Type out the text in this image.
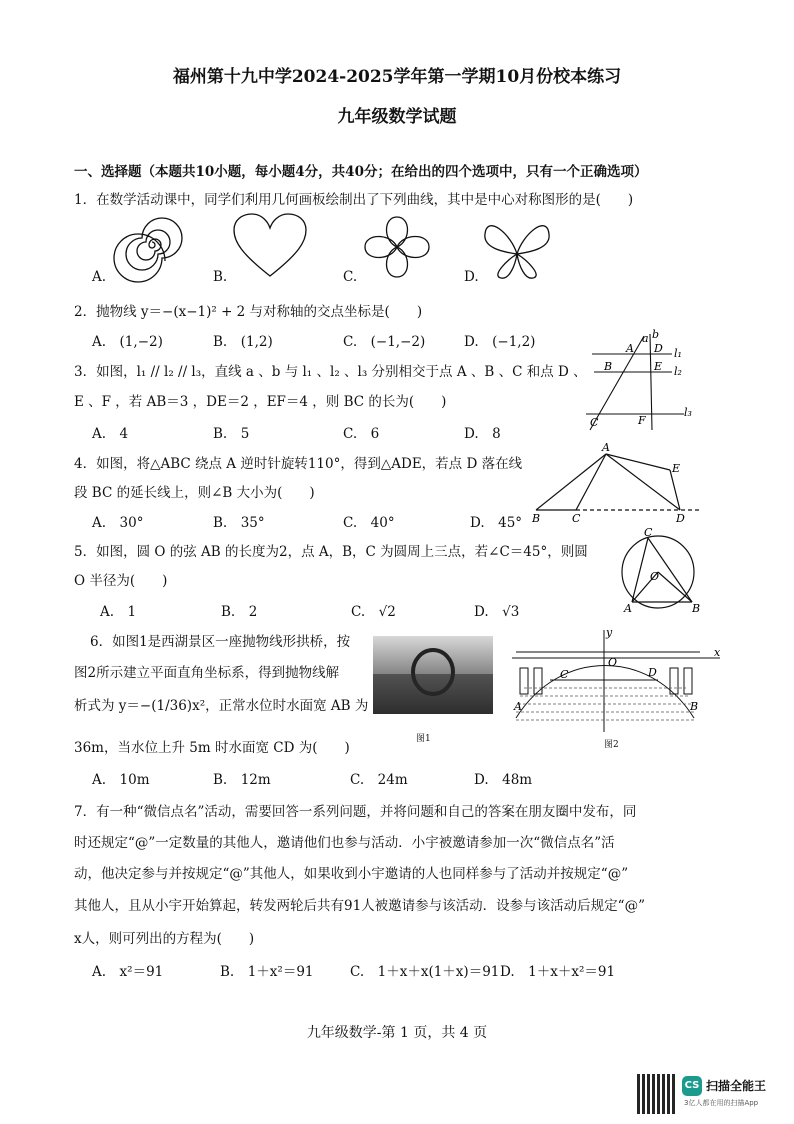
福州第十九中学2024-2025学年第一学期10月份校本练习
九年级数学试题
一、选择题（本题共10小题，每小题4分，共40分；在给出的四个选项中，只有一个正确选项）
1．在数学活动课中，同学们利用几何画板绘制出了下列曲线，其中是中心对称图形的是(　　)
A.	B.	C.	D.
2．抛物线 y＝−(x−1)² + 2 与对称轴的交点坐标是(　　)
A.　(1,−2)	B.　(1,2)	C.　(−1,−2)	D.　(−1,2)
3．如图，l₁ // l₂ // l₃，直线 a 、b 与 l₁ 、l₂ 、l₃ 分别相交于点 A 、B 、C 和点 D 、
E 、F ，若 AB＝3 ，DE＝2 ，EF＝4 ，则 BC 的长为(　　)
A.　4	B.　5	C.　6	D.　8
a b
A D
B	E
C	F
l₁
l₂
l₃
4．如图，将△ABC 绕点 A 逆时针旋转110°，得到△ADE，若点 D 落在线
段 BC 的延长线上，则∠B 大小为(　　)
A.　30°	B.　35°	C.　40°	D.　45°
A
B	C	D
E
5．如图，圆 O 的弦 AB 的长度为2，点 A，B，C 为圆周上三点，若∠C＝45°，则圆
O 半径为(　　)
A.　1	B.　2	C.　√2	D.　√3
C
O
A	B
6．如图1是西湖景区一座抛物线形拱桥，按
图2所示建立平面直角坐标系，得到抛物线解
析式为 y＝−(1/36)x²，正常水位时水面宽 AB 为
36m，当水位上升 5m 时水面宽 CD 为(　　)
A.　10m	B.　12m	C.　24m	D.　48m
图1
y
x
O
C	D
A	B
图2
7．有一种“微信点名”活动，需要回答一系列问题，并将问题和自己的答案在朋友圈中发布，同
时还规定“@”一定数量的其他人，邀请他们也参与活动．小宇被邀请参加一次“微信点名”活
动，他决定参与并按规定“@”其他人，如果收到小宇邀请的人也同样参与了活动并按规定“@”
其他人，且从小宇开始算起，转发两轮后共有91人被邀请参与该活动．设参与该活动后规定“@”
x人，则可列出的方程为(　　)
A.　x²＝91	B.　1＋x²＝91	C.　1＋x＋x(1＋x)＝91 D.　1＋x＋x²＝91
九年级数学-第 1 页，共 4 页
CS 扫描全能王
3亿人都在用的扫描App
